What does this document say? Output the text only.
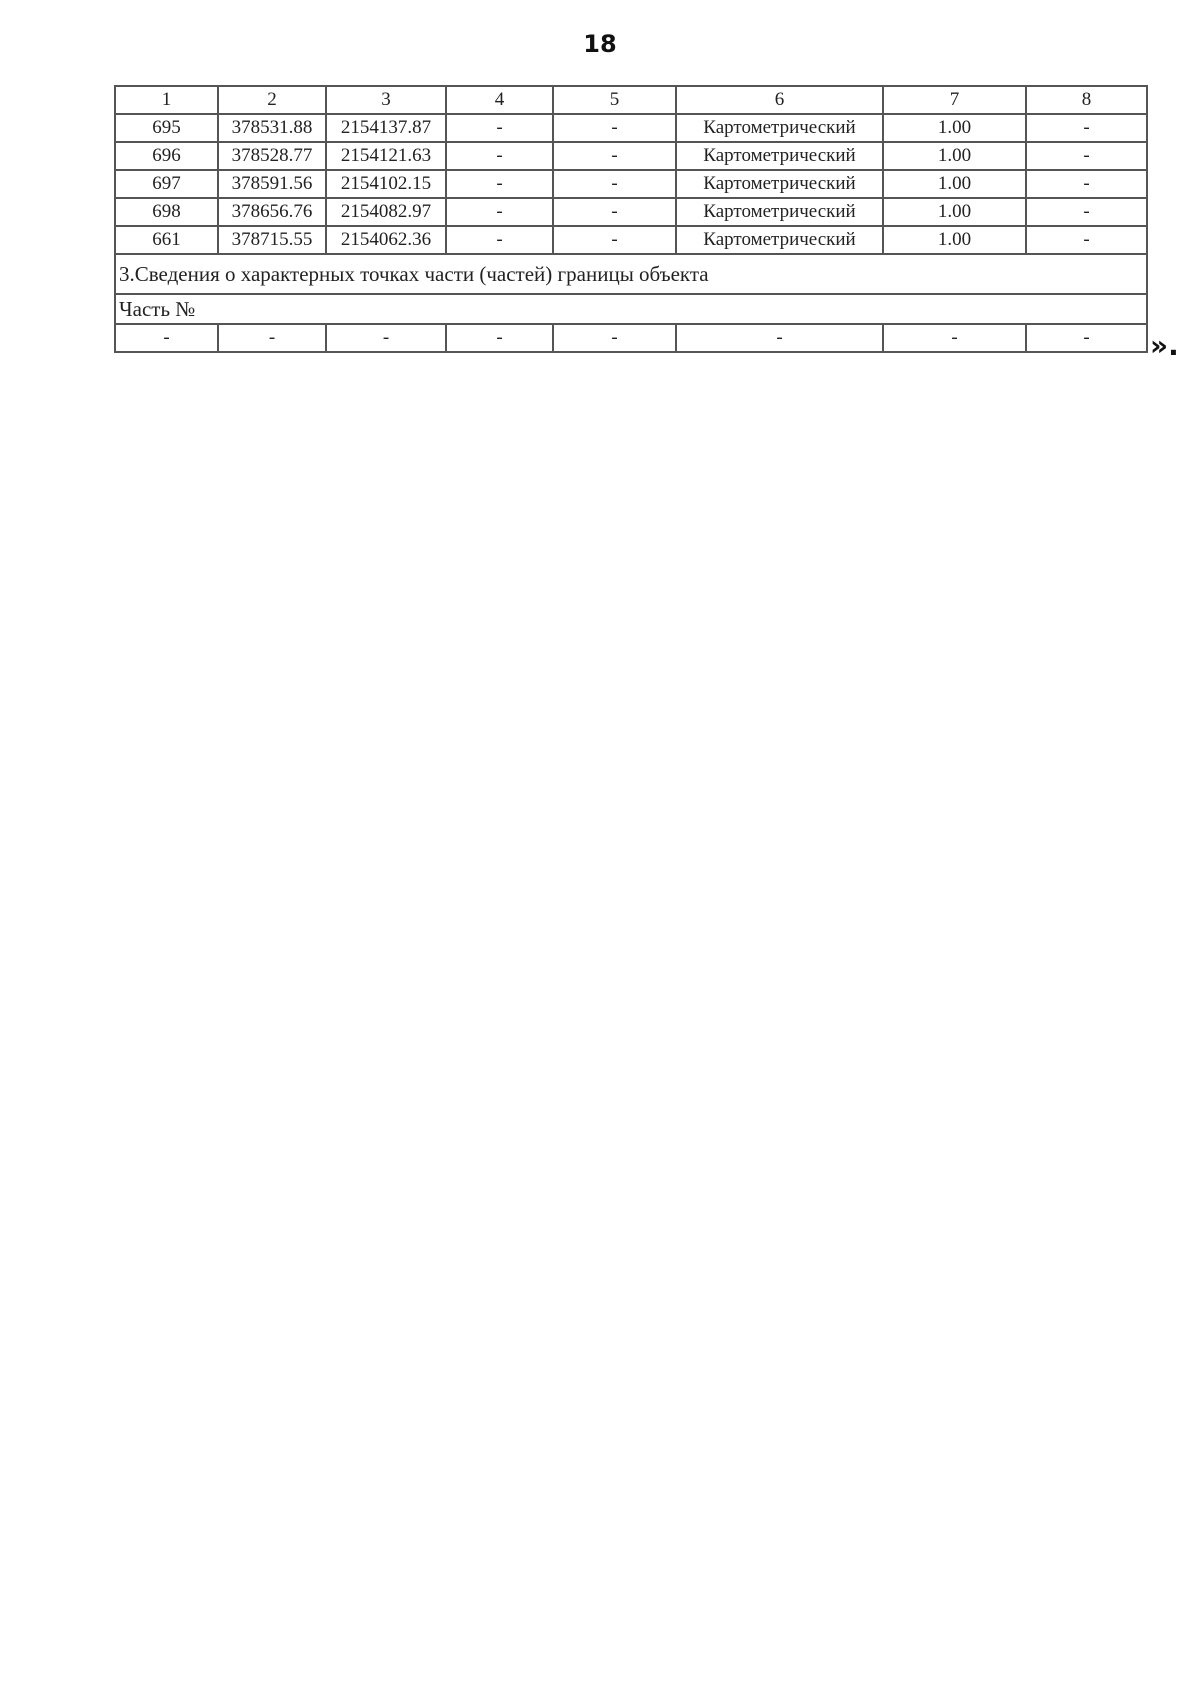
18
1	2	3	4	5	6	7	8
695	378531.88	2154137.87	-	-	Картометрический	1.00	-
696	378528.77	2154121.63	-	-	Картометрический	1.00	-
697	378591.56	2154102.15	-	-	Картометрический	1.00	-
698	378656.76	2154082.97	-	-	Картометрический	1.00	-
661	378715.55	2154062.36	-	-	Картометрический	1.00	-
3.Сведения о характерных точках части (частей) границы объекта							
Часть №							
-	-	-	-	-	-	-	- ».
